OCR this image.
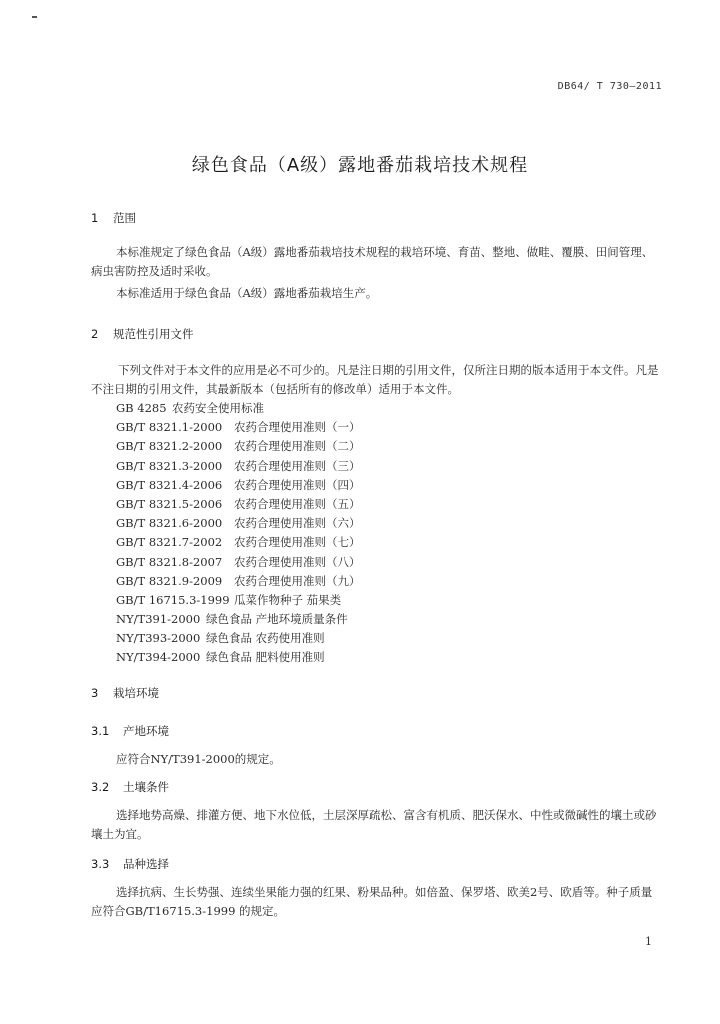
DB64/ T 730—2011
绿色食品（A级）露地番茄栽培技术规程
1 范围
本标准规定了绿色食品（A级）露地番茄栽培技术规程的栽培环境、育苗、整地、做畦、覆膜、田间管理、病虫害防控及适时采收。
本标准适用于绿色食品（A级）露地番茄栽培生产。
2 规范性引用文件
下列文件对于本文件的应用是必不可少的。凡是注日期的引用文件，仅所注日期的版本适用于本文件。凡是不注日期的引用文件，其最新版本（包括所有的修改单）适用于本文件。
GB 4285 农药安全使用标准
GB/T 8321.1-2000 农药合理使用准则（一）
GB/T 8321.2-2000 农药合理使用准则（二）
GB/T 8321.3-2000 农药合理使用准则（三）
GB/T 8321.4-2006 农药合理使用准则（四）
GB/T 8321.5-2006 农药合理使用准则（五）
GB/T 8321.6-2000 农药合理使用准则（六）
GB/T 8321.7-2002 农药合理使用准则（七）
GB/T 8321.8-2007 农药合理使用准则（八）
GB/T 8321.9-2009 农药合理使用准则（九）
GB/T 16715.3-1999 瓜菜作物种子 茄果类
NY/T391-2000 绿色食品 产地环境质量条件
NY/T393-2000 绿色食品 农药使用准则
NY/T394-2000 绿色食品 肥料使用准则
3 栽培环境
3.1 产地环境
应符合NY/T391-2000的规定。
3.2 土壤条件
选择地势高燥、排灌方便、地下水位低，土层深厚疏松、富含有机质、肥沃保水、中性或微碱性的壤土或砂壤土为宜。
3.3 品种选择
选择抗病、生长势强、连续坐果能力强的红果、粉果品种。如倍盈、保罗塔、欧美2号、欧盾等。种子质量应符合GB/T16715.3-1999 的规定。
1
